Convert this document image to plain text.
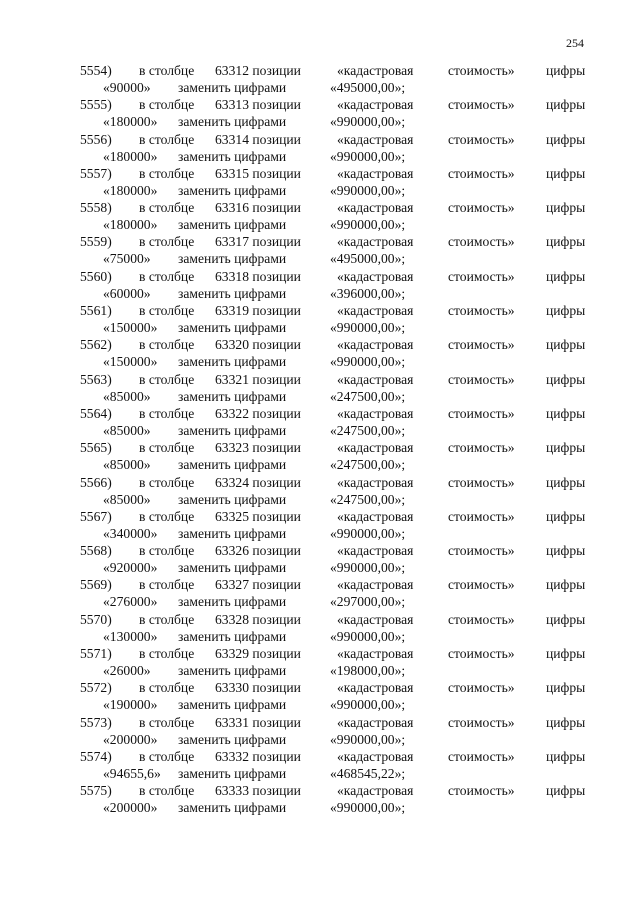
254
5554) в столбце 63312 позиции	«кадастровая	стоимость» цифры
«90000» заменить цифрами	«495000,00»;
5555) в столбце 63313 позиции	«кадастровая	стоимость» цифры
«180000» заменить цифрами	«990000,00»;
5556) в столбце 63314 позиции	«кадастровая	стоимость» цифры
«180000» заменить цифрами	«990000,00»;
5557) в столбце 63315 позиции	«кадастровая	стоимость» цифры
«180000» заменить цифрами	«990000,00»;
5558) в столбце 63316 позиции	«кадастровая	стоимость» цифры
«180000» заменить цифрами	«990000,00»;
5559) в столбце 63317 позиции	«кадастровая	стоимость» цифры
«75000» заменить цифрами	«495000,00»;
5560) в столбце 63318 позиции	«кадастровая	стоимость» цифры
«60000» заменить цифрами	«396000,00»;
5561) в столбце 63319 позиции	«кадастровая	стоимость» цифры
«150000» заменить цифрами	«990000,00»;
5562) в столбце 63320 позиции	«кадастровая	стоимость» цифры
«150000» заменить цифрами	«990000,00»;
5563) в столбце 63321 позиции	«кадастровая	стоимость» цифры
«85000» заменить цифрами	«247500,00»;
5564) в столбце 63322 позиции	«кадастровая	стоимость» цифры
«85000» заменить цифрами	«247500,00»;
5565) в столбце 63323 позиции	«кадастровая	стоимость» цифры
«85000» заменить цифрами	«247500,00»;
5566) в столбце 63324 позиции	«кадастровая	стоимость» цифры
«85000» заменить цифрами	«247500,00»;
5567) в столбце 63325 позиции	«кадастровая	стоимость» цифры
«340000» заменить цифрами	«990000,00»;
5568) в столбце 63326 позиции	«кадастровая	стоимость» цифры
«920000» заменить цифрами	«990000,00»;
5569) в столбце 63327 позиции	«кадастровая	стоимость» цифры
«276000» заменить цифрами	«297000,00»;
5570) в столбце 63328 позиции	«кадастровая	стоимость» цифры
«130000» заменить цифрами	«990000,00»;
5571) в столбце 63329 позиции	«кадастровая	стоимость» цифры
«26000» заменить цифрами	«198000,00»;
5572) в столбце 63330 позиции	«кадастровая	стоимость» цифры
«190000» заменить цифрами	«990000,00»;
5573) в столбце 63331 позиции	«кадастровая	стоимость» цифры
«200000» заменить цифрами	«990000,00»;
5574) в столбце 63332 позиции	«кадастровая	стоимость» цифры
«94655,6» заменить цифрами	«468545,22»;
5575) в столбце 63333 позиции	«кадастровая	стоимость» цифры
«200000» заменить цифрами	«990000,00»;
